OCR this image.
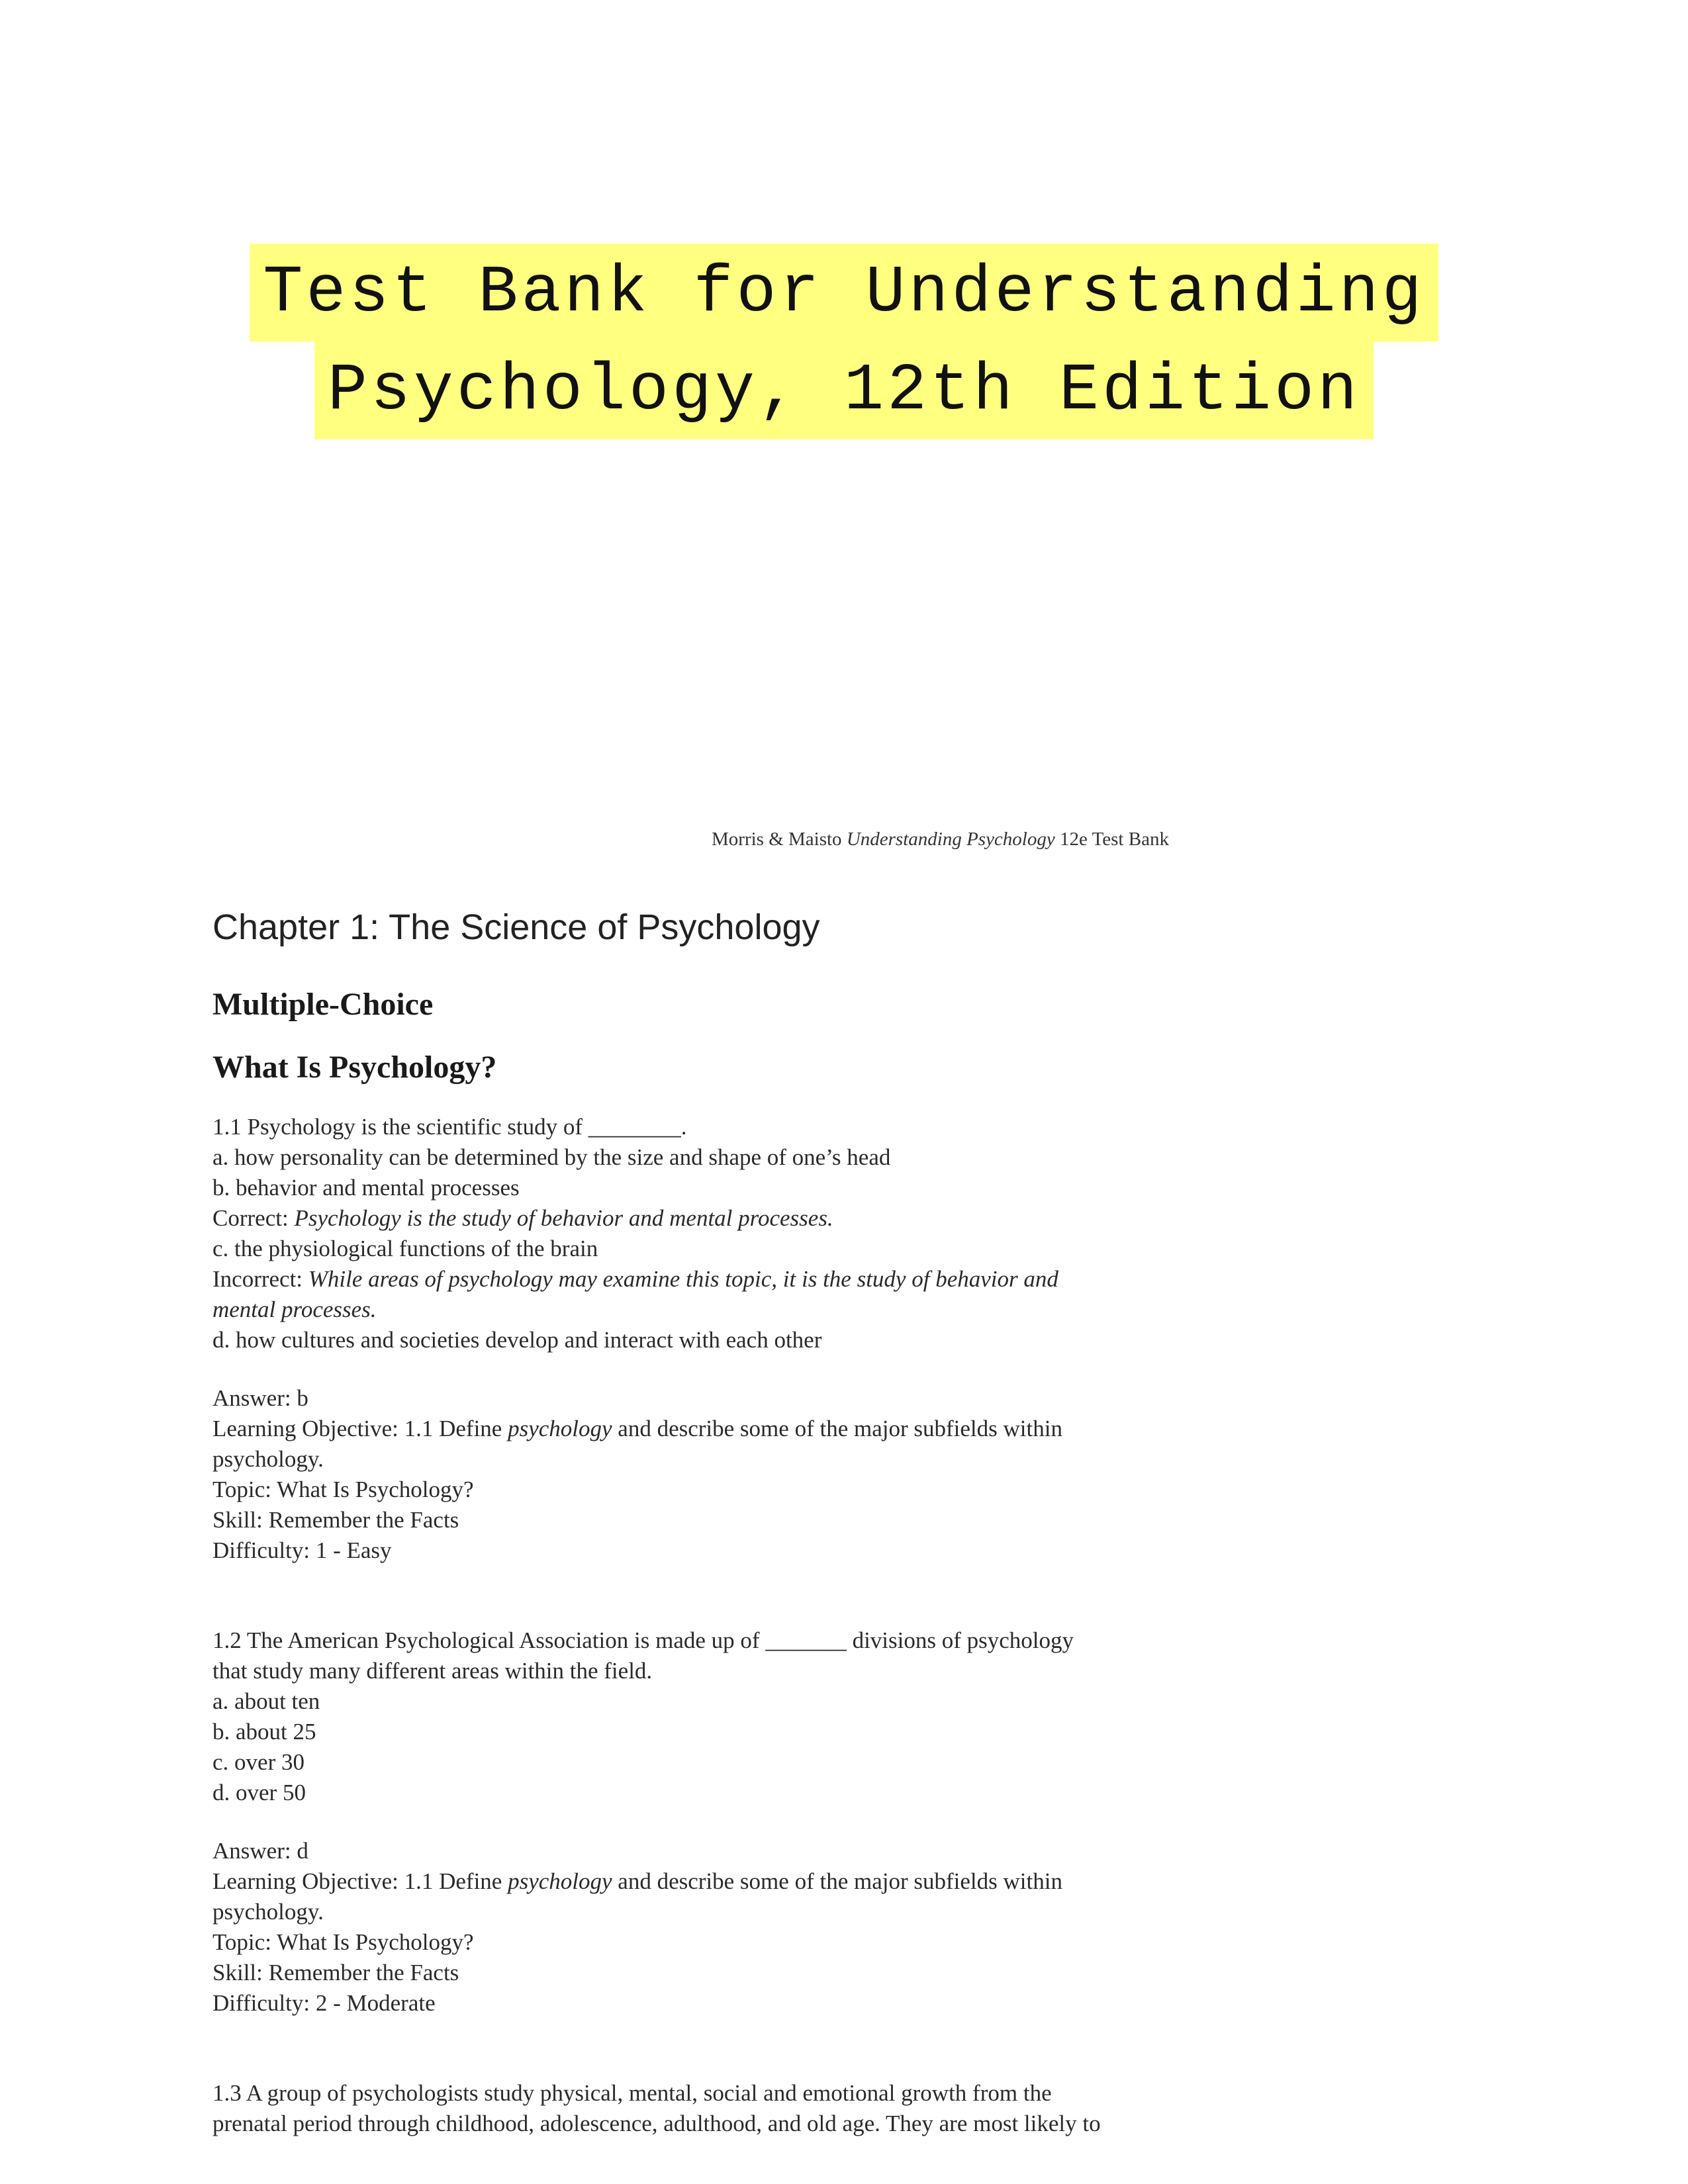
Test Bank for Understanding
Psychology, 12th Edition
Morris & Maisto Understanding Psychology 12e Test Bank
Chapter 1: The Science of Psychology
Multiple-Choice
What Is Psychology?

1.1 Psychology is the scientific study of ________.

a. how personality can be determined by the size and shape of one’s head

b. behavior and mental processes

Correct: Psychology is the study of behavior and mental processes.

c. the physiological functions of the brain

Incorrect: While areas of psychology may examine this topic, it is the study of behavior and

mental processes.

d. how cultures and societies develop and interact with each other

Answer: b

Learning Objective: 1.1 Define psychology and describe some of the major subfields within

psychology.

Topic: What Is Psychology?

Skill: Remember the Facts

Difficulty: 1 - Easy

1.2 The American Psychological Association is made up of _______ divisions of psychology

that study many different areas within the field.

a. about ten

b. about 25

c. over 30

d. over 50

Answer: d

Learning Objective: 1.1 Define psychology and describe some of the major subfields within

psychology.

Topic: What Is Psychology?

Skill: Remember the Facts

Difficulty: 2 - Moderate

1.3 A group of psychologists study physical, mental, social and emotional growth from the

prenatal period through childhood, adolescence, adulthood, and old age. They are most likely to
